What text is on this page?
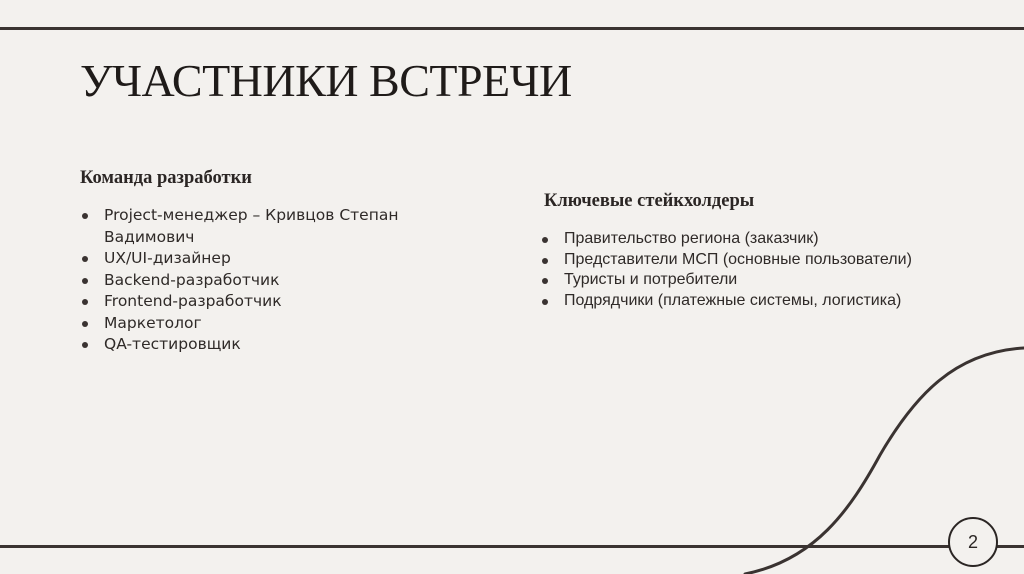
УЧАСТНИКИ ВСТРЕЧИ
Команда разработки
Project-менеджер – Кривцов Степан Вадимович
UX/UI-дизайнер
Backend-разработчик
Frontend-разработчик
Маркетолог
QA-тестировщик
Ключевые стейкхолдеры
Правительство региона (заказчик)
Представители МСП (основные пользователи)
Туристы и потребители
Подрядчики (платежные системы, логистика)
2
